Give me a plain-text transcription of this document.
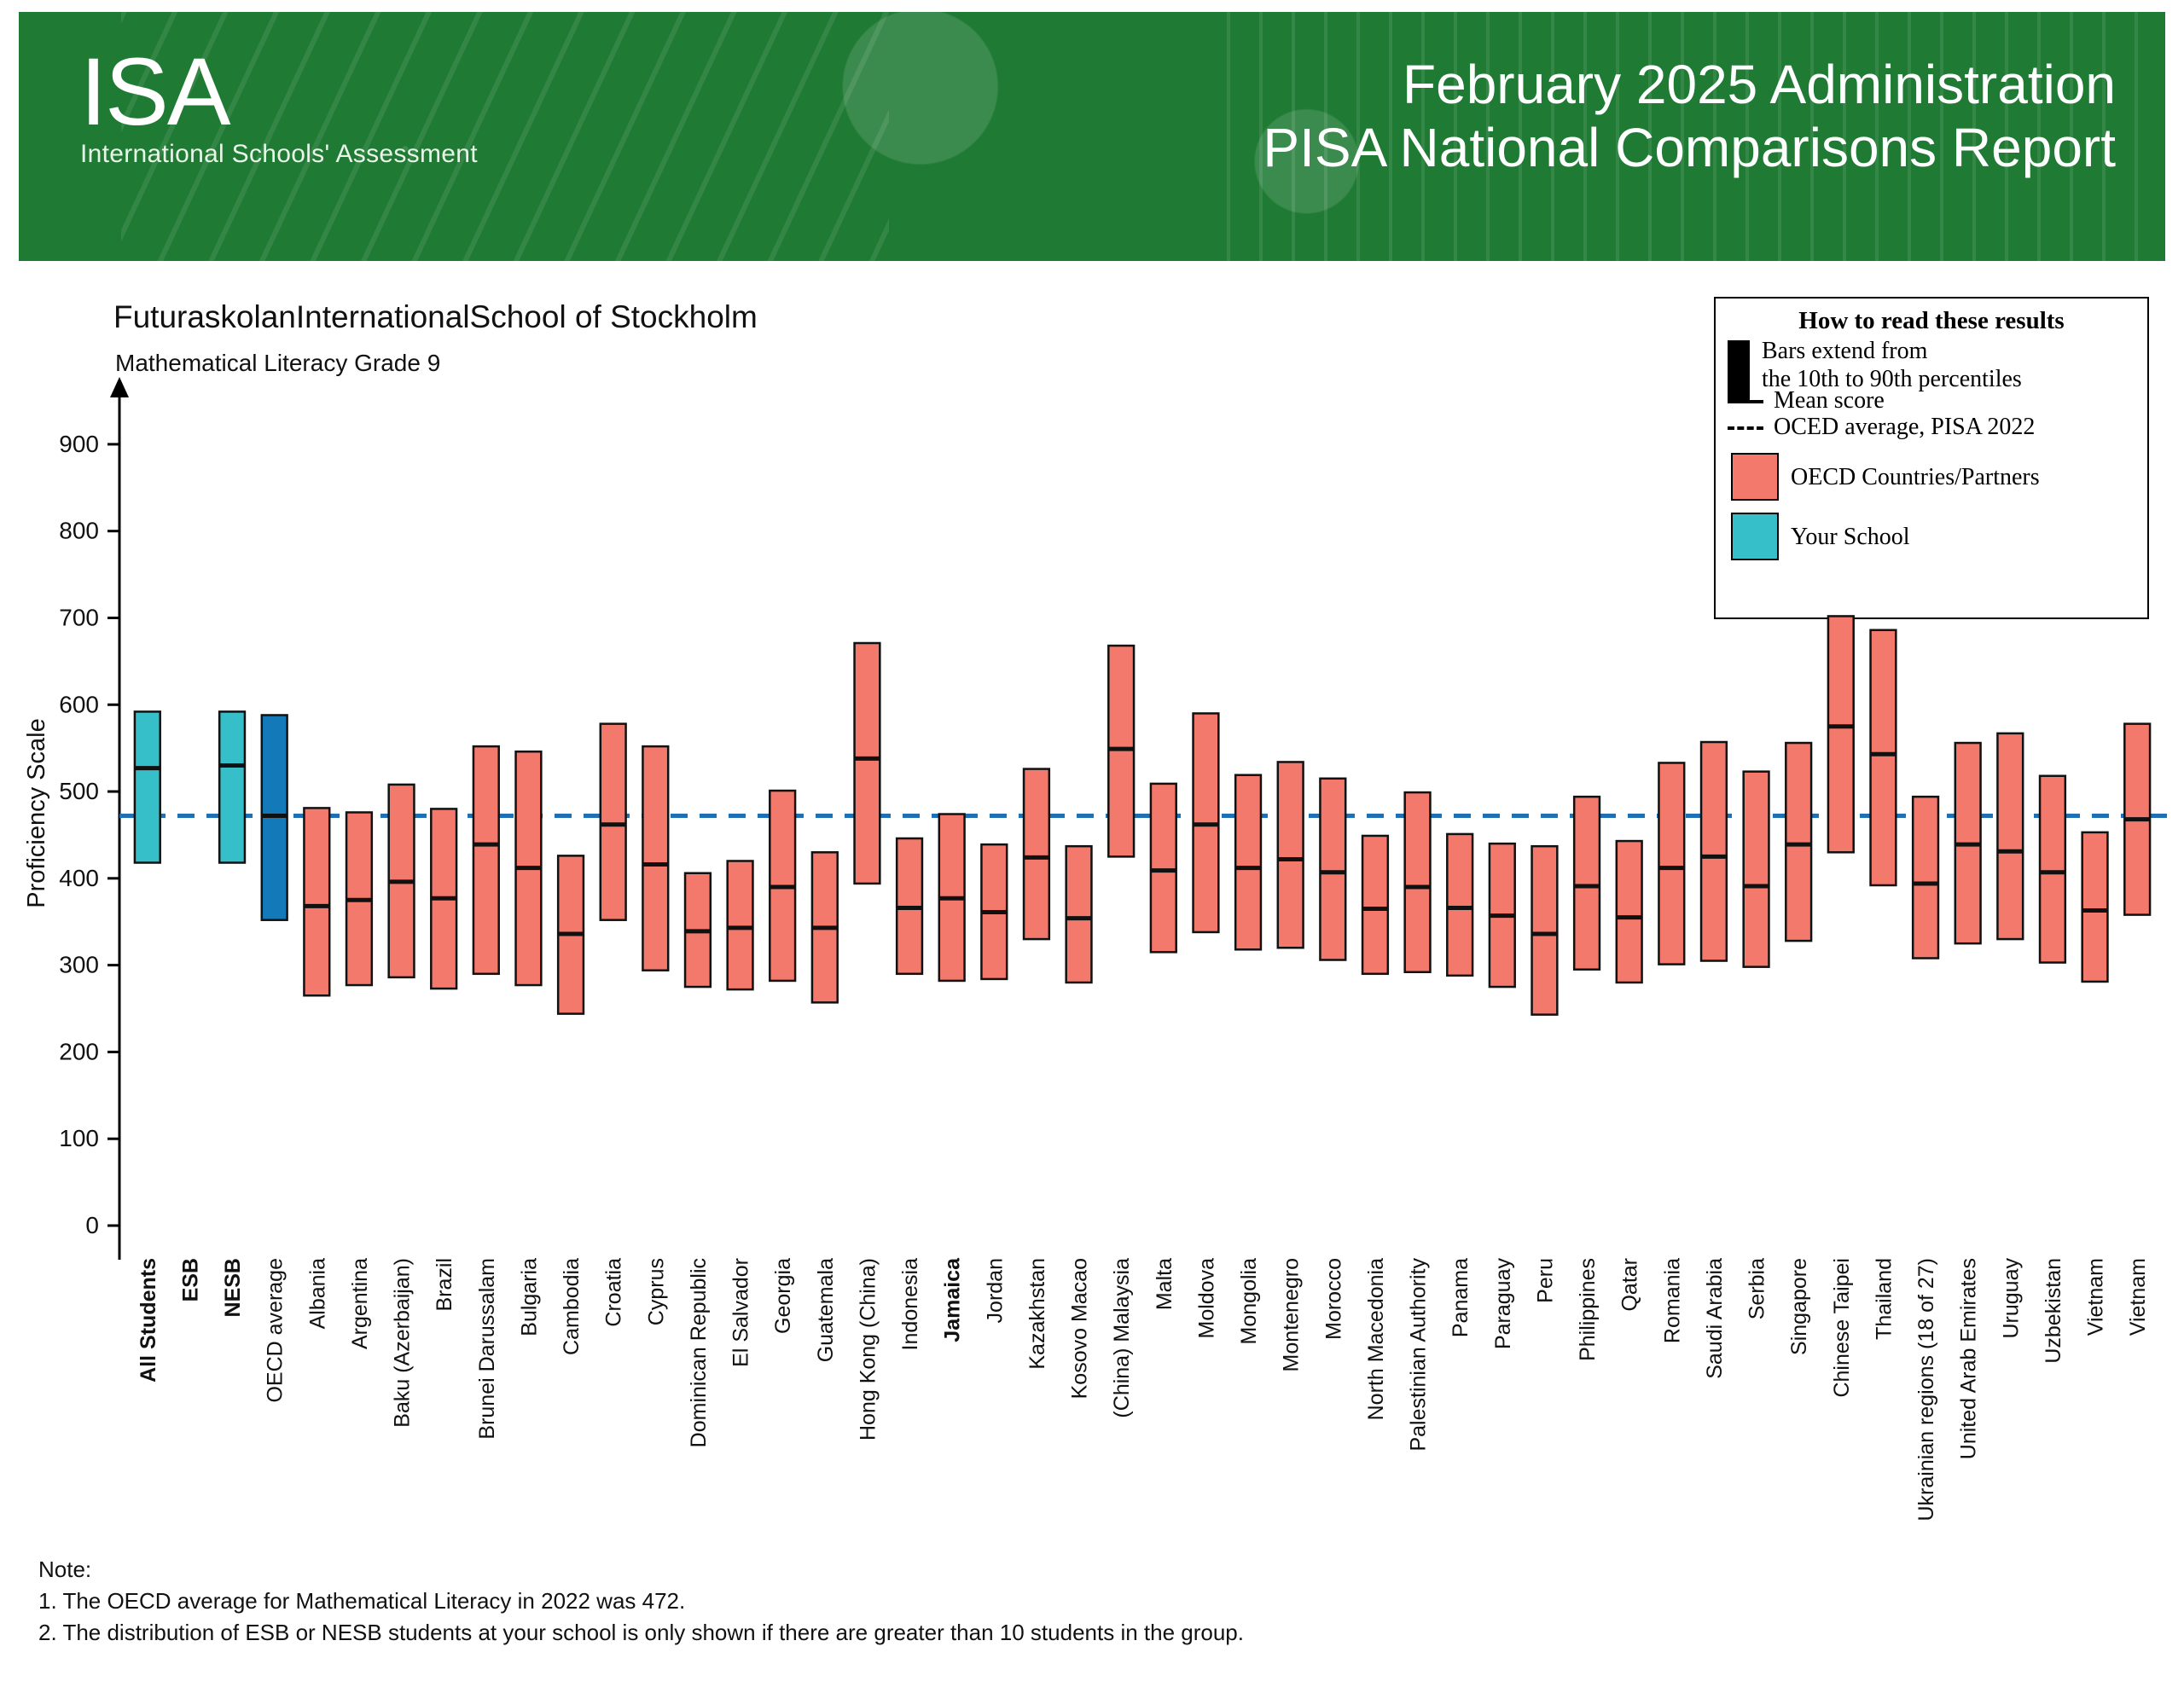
ISA
International Schools' Assessment
February 2025 Administration
PISA National Comparisons Report
FuturaskolanInternationalSchool of Stockholm
Mathematical Literacy Grade 9
How to read these results
Bars extend from
the 10th to 90th percentiles
Mean score
OCED average, PISA 2022
OECD Countries/Partners
Your School
0
100
200
300
400
500
600
700
800
900
Proficiency Scale
All Students ESB NESB OECD average Albania Argentina Baku (Azerbaijan) Brazil Brunei Darussalam Bulgaria Cambodia Croatia Cyprus Dominican Republic El Salvador Georgia Guatemala Hong Kong (China) Indonesia Jamaica Jordan Kazakhstan Kosovo Macao (China) Malaysia Malta Moldova Mongolia Montenegro Morocco North Macedonia Palestinian Authority Panama Paraguay Peru Philippines Qatar Romania Saudi Arabia Serbia Singapore Chinese Taipei Thailand Ukrainian regions (18 of 27) United Arab Emirates Uruguay Uzbekistan Vietnam Vietnam
Note:
1. The OECD average for Mathematical Literacy in 2022 was 472.
2. The distribution of ESB or NESB students at your school is only shown if there are greater than 10 students in the group.
